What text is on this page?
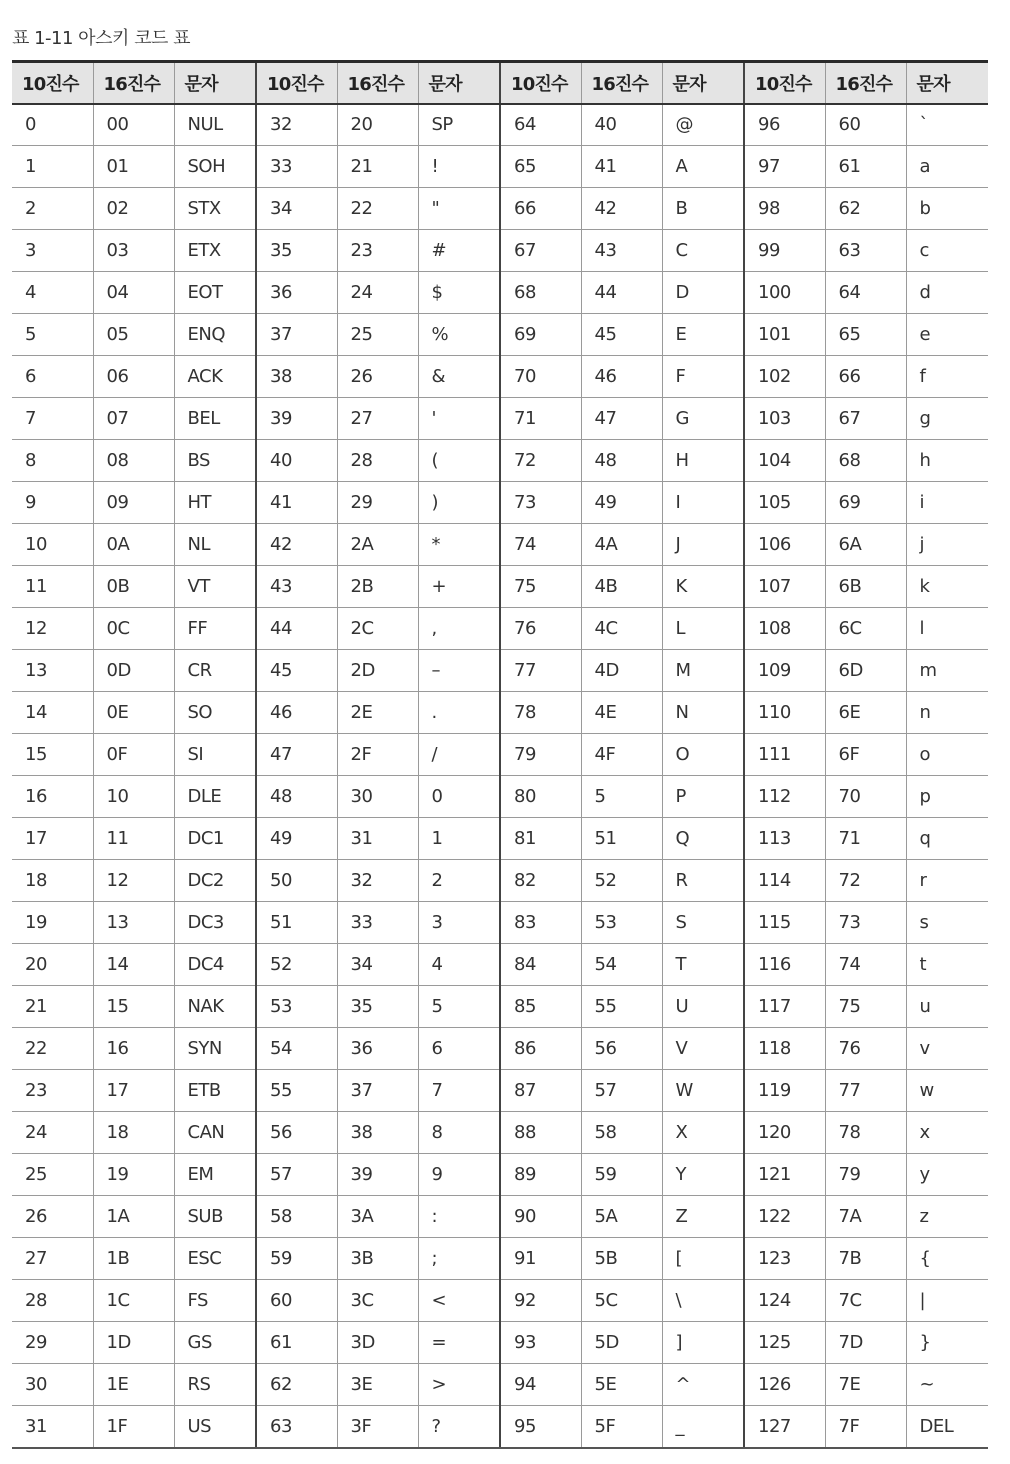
표 1-11 아스키 코드 표
10진수	16진수	문자	10진수	16진수	문자	10진수	16진수	문자	10진수	16진수	문자
0	00	NUL	32	20	SP	64	40	@	96	60	`
1	01	SOH	33	21	!	65	41	A	97	61	a
2	02	STX	34	22	"	66	42	B	98	62	b
3	03	ETX	35	23	#	67	43	C	99	63	c
4	04	EOT	36	24	$	68	44	D	100	64	d
5	05	ENQ	37	25	%	69	45	E	101	65	e
6	06	ACK	38	26	&	70	46	F	102	66	f
7	07	BEL	39	27	'	71	47	G	103	67	g
8	08	BS	40	28	(	72	48	H	104	68	h
9	09	HT	41	29	)	73	49	I	105	69	i
10	0A	NL	42	2A	*	74	4A	J	106	6A	j
11	0B	VT	43	2B	+	75	4B	K	107	6B	k
12	0C	FF	44	2C	,	76	4C	L	108	6C	l
13	0D	CR	45	2D	–	77	4D	M	109	6D	m
14	0E	SO	46	2E	.	78	4E	N	110	6E	n
15	0F	SI	47	2F	/	79	4F	O	111	6F	o
16	10	DLE	48	30	0	80	5	P	112	70	p
17	11	DC1	49	31	1	81	51	Q	113	71	q
18	12	DC2	50	32	2	82	52	R	114	72	r
19	13	DC3	51	33	3	83	53	S	115	73	s
20	14	DC4	52	34	4	84	54	T	116	74	t
21	15	NAK	53	35	5	85	55	U	117	75	u
22	16	SYN	54	36	6	86	56	V	118	76	v
23	17	ETB	55	37	7	87	57	W	119	77	w
24	18	CAN	56	38	8	88	58	X	120	78	x
25	19	EM	57	39	9	89	59	Y	121	79	y
26	1A	SUB	58	3A	:	90	5A	Z	122	7A	z
27	1B	ESC	59	3B	;	91	5B	[	123	7B	{
28	1C	FS	60	3C	<	92	5C	\	124	7C	|
29	1D	GS	61	3D	=	93	5D	]	125	7D	}
30	1E	RS	62	3E	>	94	5E	^	126	7E	~
31	1F	US	63	3F	?	95	5F	_	127	7F	DEL
